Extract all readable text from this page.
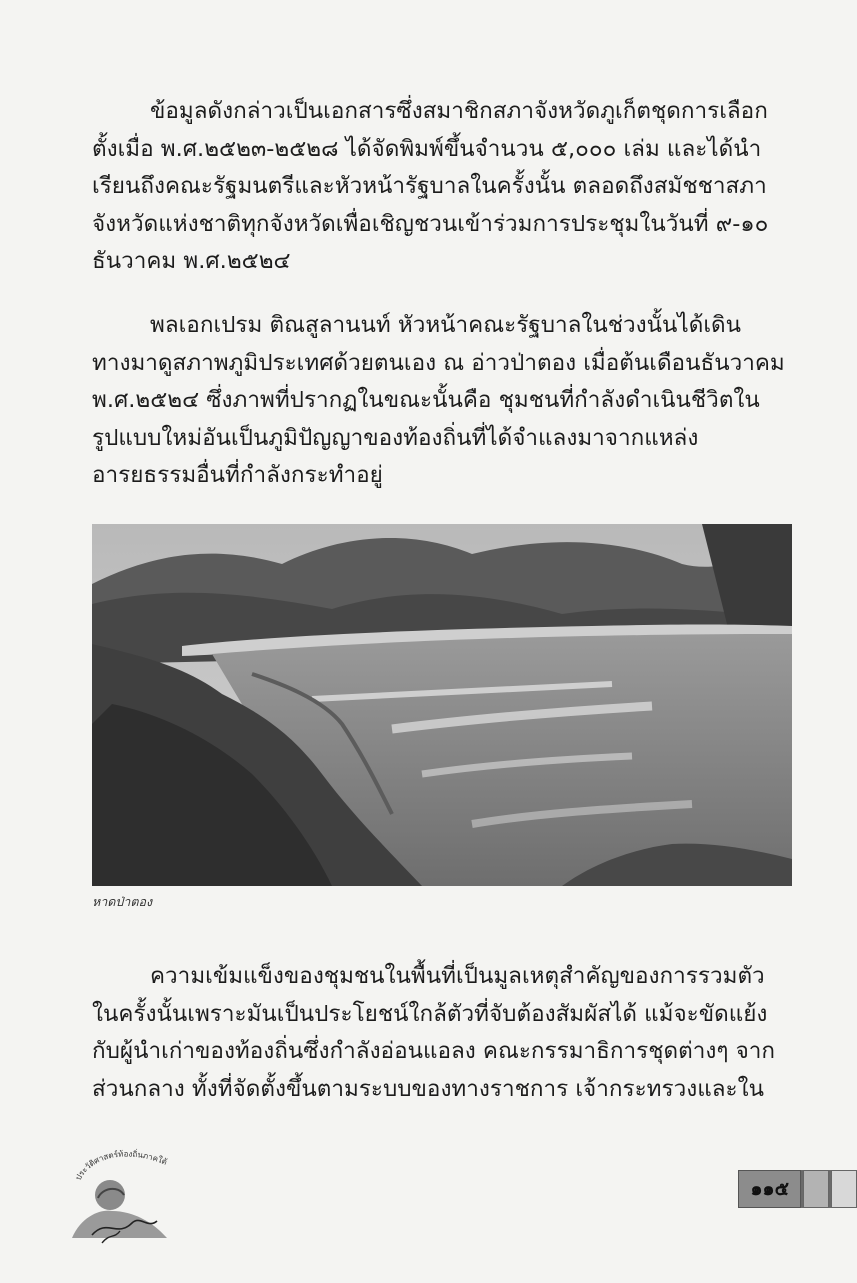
ข้อมูลดังกล่าวเป็นเอกสารซึ่งสมาชิกสภาจังหวัดภูเก็ตชุดการเลือก
ตั้งเมื่อ พ.ศ.๒๕๒๓-๒๕๒๘ ได้จัดพิมพ์ขึ้นจำนวน ๕,๐๐๐ เล่ม และได้นำ
เรียนถึงคณะรัฐมนตรีและหัวหน้ารัฐบาลในครั้งนั้น ตลอดถึงสมัชชาสภา
จังหวัดแห่งชาติทุกจังหวัดเพื่อเชิญชวนเข้าร่วมการประชุมในวันที่ ๙-๑๐
ธันวาคม พ.ศ.๒๕๒๔
พลเอกเปรม ติณสูลานนท์ หัวหน้าคณะรัฐบาลในช่วงนั้นได้เดิน
ทางมาดูสภาพภูมิประเทศด้วยตนเอง ณ อ่าวป่าตอง เมื่อต้นเดือนธันวาคม
พ.ศ.๒๕๒๔ ซึ่งภาพที่ปรากฏในขณะนั้นคือ ชุมชนที่กำลังดำเนินชีวิตใน
รูปแบบใหม่อันเป็นภูมิปัญญาของท้องถิ่นที่ได้จำแลงมาจากแหล่ง
อารยธรรมอื่นที่กำลังกระทำอยู่
หาดป่าตอง
ความเข้มแข็งของชุมชนในพื้นที่เป็นมูลเหตุสำคัญของการรวมตัว
ในครั้งนั้นเพราะมันเป็นประโยชน์ใกล้ตัวที่จับต้องสัมผัสได้ แม้จะขัดแย้ง
กับผู้นำเก่าของท้องถิ่นซึ่งกำลังอ่อนแอลง คณะกรรมาธิการชุดต่างๆ จาก
ส่วนกลาง ทั้งที่จัดตั้งขึ้นตามระบบของทางราชการ เจ้ากระทรวงและใน
ประวัติศาสตร์ท้องถิ่นภาคใต้
๑๑๕
